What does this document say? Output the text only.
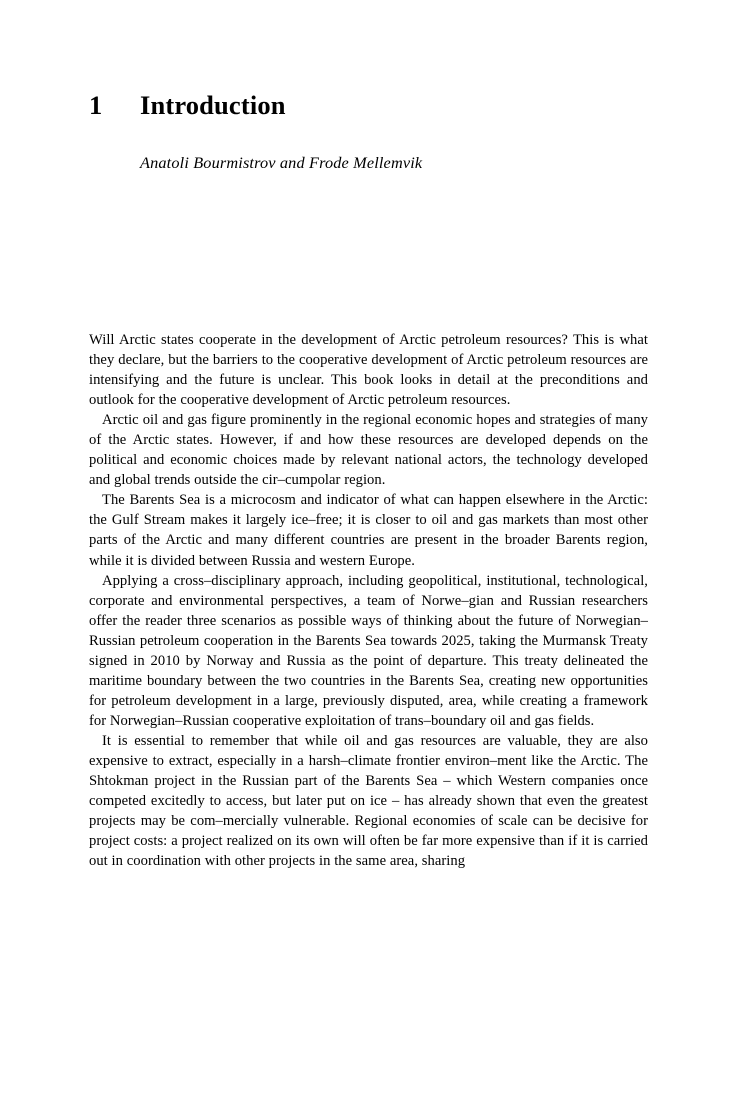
1 Introduction
Anatoli Bourmistrov and Frode Mellemvik

Will Arctic states cooperate in the development of Arctic petroleum resources? This is what they declare, but the barriers to the cooperative development of Arctic petroleum resources are intensifying and the future is unclear. This book looks in detail at the preconditions and outlook for the cooperative development of Arctic petroleum resources.

Arctic oil and gas figure prominently in the regional economic hopes and strategies of many of the Arctic states. However, if and how these resources are developed depends on the political and economic choices made by relevant national actors, the technology developed and global trends outside the cir–cumpolar region.

The Barents Sea is a microcosm and indicator of what can happen elsewhere in the Arctic: the Gulf Stream makes it largely ice–free; it is closer to oil and gas markets than most other parts of the Arctic and many different countries are present in the broader Barents region, while it is divided between Russia and western Europe.

Applying a cross–disciplinary approach, including geopolitical, institutional, technological, corporate and environmental perspectives, a team of Norwe–gian and Russian researchers offer the reader three scenarios as possible ways of thinking about the future of Norwegian–Russian petroleum cooperation in the Barents Sea towards 2025, taking the Murmansk Treaty signed in 2010 by Norway and Russia as the point of departure. This treaty delineated the maritime boundary between the two countries in the Barents Sea, creating new opportunities for petroleum development in a large, previously disputed, area, while creating a framework for Norwegian–Russian cooperative exploitation of trans–boundary oil and gas fields.

It is essential to remember that while oil and gas resources are valuable, they are also expensive to extract, especially in a harsh–climate frontier environ–ment like the Arctic. The Shtokman project in the Russian part of the Barents Sea – which Western companies once competed excitedly to access, but later put on ice – has already shown that even the greatest projects may be com–mercially vulnerable. Regional economies of scale can be decisive for project costs: a project realized on its own will often be far more expensive than if it is carried out in coordination with other projects in the same area, sharing
